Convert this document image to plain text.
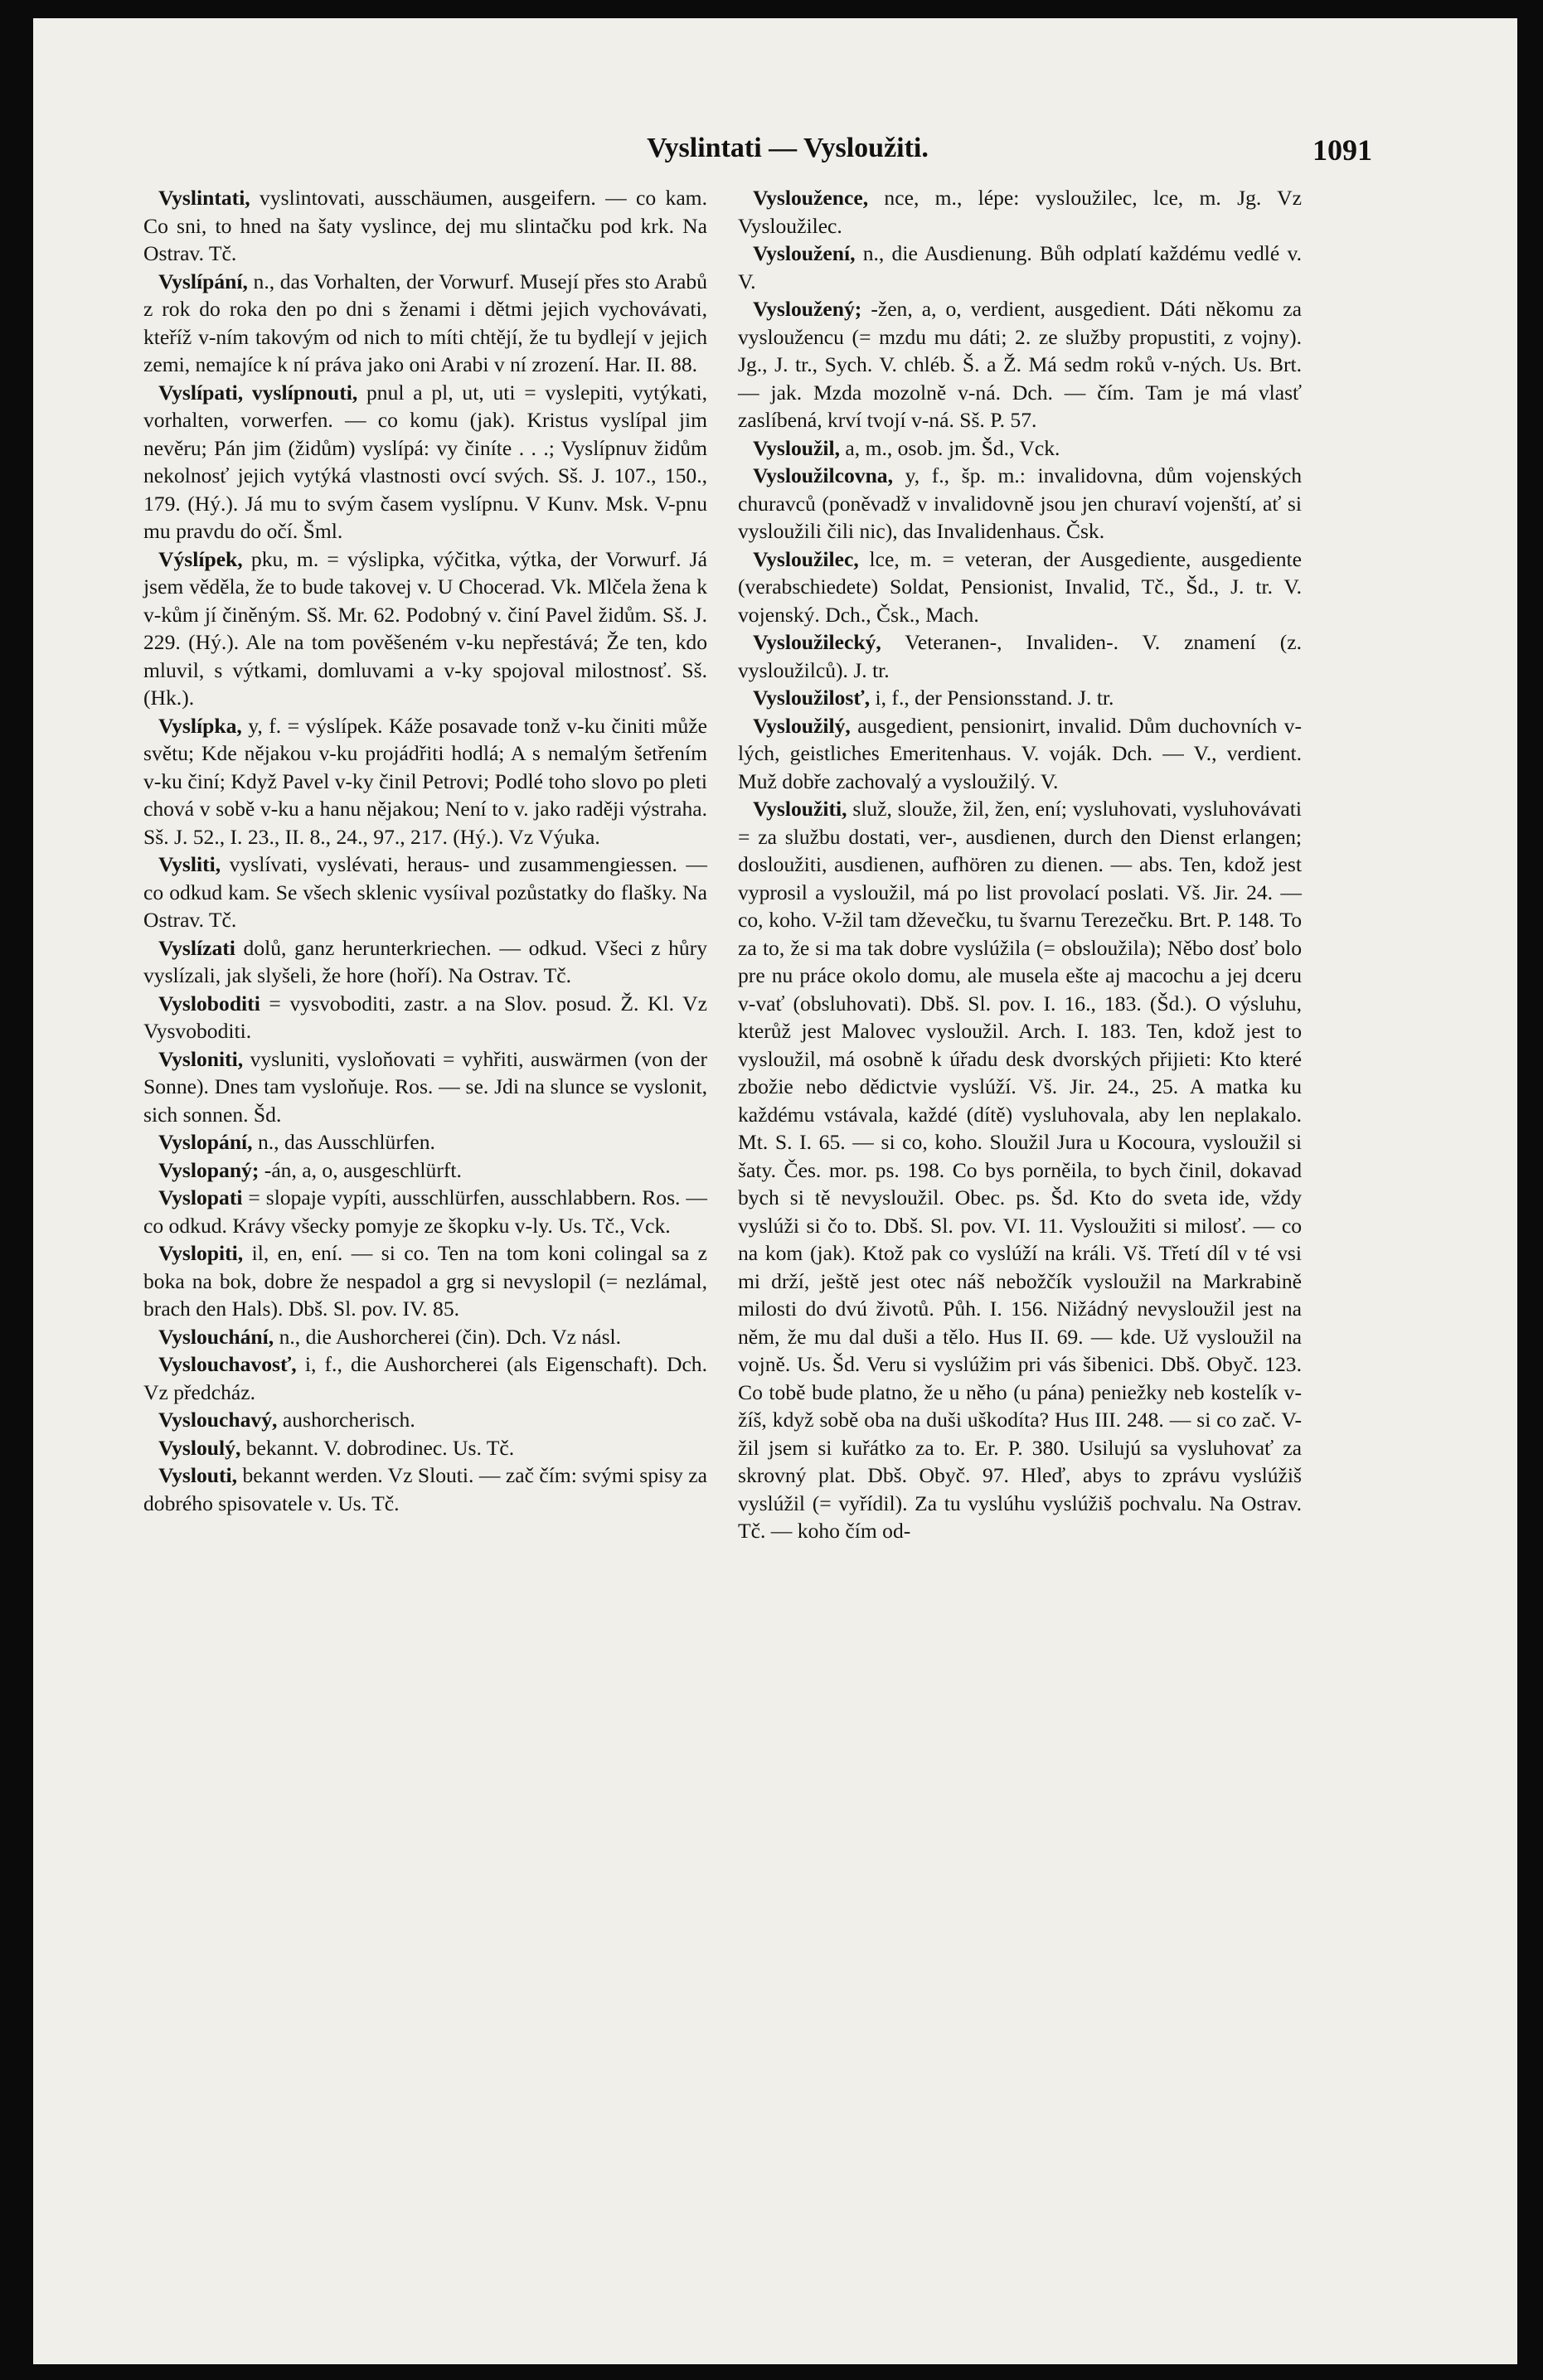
Vyslintati — Vysloužiti.	1091

Vyslintati, vyslintovati, ausschäumen, ausgeifern. — co kam. Co sni, to hned na šaty vyslince, dej mu slintačku pod krk. Na Ostrav. Tč.

Vyslípání, n., das Vorhalten, der Vorwurf. Musejí přes sto Arabů z rok do roka den po dni s ženami i dětmi jejich vychovávati, kteříž v-ním takovým od nich to míti chtějí, že tu bydlejí v jejich zemi, nemajíce k ní práva jako oni Arabi v ní zrození. Har. II. 88.

Vyslípati, vyslípnouti, pnul a pl, ut, uti = vyslepiti, vytýkati, vorhalten, vorwerfen. — co komu (jak). Kristus vyslípal jim nevěru; Pán jim (židům) vyslípá: vy činíte . . .; Vyslípnuv židům nekolnosť jejich vytýká vlastnosti ovcí svých. Sš. J. 107., 150., 179. (Hý.). Já mu to svým časem vyslípnu. V Kunv. Msk. V-pnu mu pravdu do očí. Šml.

Výslípek, pku, m. = výslipka, výčitka, výtka, der Vorwurf. Já jsem věděla, že to bude takovej v. U Chocerad. Vk. Mlčela žena k v-kům jí činěným. Sš. Mr. 62. Podobný v. činí Pavel židům. Sš. J. 229. (Hý.). Ale na tom pověšeném v-ku nepřestává; Že ten, kdo mluvil, s výtkami, domluvami a v-ky spojoval milostnosť. Sš. (Hk.).

Vyslípka, y, f. = výslípek. Káže posavade tonž v-ku činiti může světu; Kde nějakou v-ku projádřiti hodlá; A s nemalým šetřením v-ku činí; Když Pavel v-ky činil Petrovi; Podlé toho slovo po pleti chová v sobě v-ku a hanu nějakou; Není to v. jako raději výstraha. Sš. J. 52., I. 23., II. 8., 24., 97., 217. (Hý.). Vz Výuka.

Vysliti, vyslívati, vyslévati, heraus- und zusammengiessen. — co odkud kam. Se všech sklenic vysíival pozůstatky do flašky. Na Ostrav. Tč.

Vyslízati dolů, ganz herunterkriechen. — odkud. Všeci z hůry vyslízali, jak slyšeli, že hore (hoří). Na Ostrav. Tč.

Vysloboditi = vysvoboditi, zastr. a na Slov. posud. Ž. Kl. Vz Vysvoboditi.

Vysloniti, vysluniti, vysloňovati = vyhřiti, auswärmen (von der Sonne). Dnes tam vysloňuje. Ros. — se. Jdi na slunce se vyslonit, sich sonnen. Šd.

Vyslopání, n., das Ausschlürfen.

Vyslopaný; -án, a, o, ausgeschlürft.

Vyslopati = slopaje vypíti, ausschlürfen, ausschlabbern. Ros. — co odkud. Krávy všecky pomyje ze škopku v-ly. Us. Tč., Vck.

Vyslopiti, il, en, ení. — si co. Ten na tom koni colingal sa z boka na bok, dobre že nespadol a grg si nevyslopil (= nezlámal, brach den Hals). Dbš. Sl. pov. IV. 85.

Vyslouchání, n., die Aushorcherei (čin). Dch. Vz násl.

Vyslouchavosť, i, f., die Aushorcherei (als Eigenschaft). Dch. Vz předcház.

Vyslouchavý, aushorcherisch.

Vysloulý, bekannt. V. dobrodinec. Us. Tč.

Vyslouti, bekannt werden. Vz Slouti. — zač čím: svými spisy za dobrého spisovatele v. Us. Tč.

Vysloužence, nce, m., lépe: vysloužilec, lce, m. Jg. Vz Vysloužilec.

Vysloužení, n., die Ausdienung. Bůh odplatí každému vedlé v. V.

Vysloužený; -žen, a, o, verdient, ausgedient. Dáti někomu za vysloužencu (= mzdu mu dáti; 2. ze služby propustiti, z vojny). Jg., J. tr., Sych. V. chléb. Š. a Ž. Má sedm roků v-ných. Us. Brt. — jak. Mzda mozolně v-ná. Dch. — čím. Tam je má vlasť zaslíbená, krví tvojí v-ná. Sš. P. 57.

Vysloužil, a, m., osob. jm. Šd., Vck.

Vysloužilcovna, y, f., šp. m.: invalidovna, dům vojenských churavců (poněvadž v invalidovně jsou jen churaví vojenští, ať si vysloužili čili nic), das Invalidenhaus. Čsk.

Vysloužilec, lce, m. = veteran, der Ausgediente, ausgediente (verabschiedete) Soldat, Pensionist, Invalid, Tč., Šd., J. tr. V. vojenský. Dch., Čsk., Mach.

Vysloužilecký, Veteranen-, Invaliden-. V. znamení (z. vysloužilců). J. tr.

Vysloužilosť, i, f., der Pensionsstand. J. tr.

Vysloužilý, ausgedient, pensionirt, invalid. Dům duchovních v-lých, geistliches Emeritenhaus. V. voják. Dch. — V., verdient. Muž dobře zachovalý a vysloužilý. V.

Vysloužiti, služ, slouže, žil, žen, ení; vysluhovati, vysluhovávati = za službu dostati, ver-, ausdienen, durch den Dienst erlangen; dosloužiti, ausdienen, aufhören zu dienen. — abs. Ten, kdož jest vyprosil a vysloužil, má po list provolací poslati. Vš. Jir. 24. — co, koho. V-žil tam dževečku, tu švarnu Terezečku. Brt. P. 148. To za to, že si ma tak dobre vyslúžila (= obsloužila); Něbo dosť bolo pre nu práce okolo domu, ale musela ešte aj macochu a jej dceru v-vať (obsluhovati). Dbš. Sl. pov. I. 16., 183. (Šd.). O výsluhu, kterůž jest Malovec vysloužil. Arch. I. 183. Ten, kdož jest to vysloužil, má osobně k úřadu desk dvorských přijieti: Kto které zbožie nebo dědictvie vyslúží. Vš. Jir. 24., 25. A matka ku každému vstávala, každé (dítě) vysluhovala, aby len neplakalo. Mt. S. I. 65. — si co, koho. Sloužil Jura u Kocoura, vysloužil si šaty. Čes. mor. ps. 198. Co bys porněila, to bych činil, dokavad bych si tě nevysloužil. Obec. ps. Šd. Kto do sveta ide, vždy vyslúži si čo to. Dbš. Sl. pov. VI. 11. Vysloužiti si milosť. — co na kom (jak). Ktož pak co vyslúží na králi. Vš. Třetí díl v té vsi mi drží, ještě jest otec náš nebožčík vysloužil na Markrabině milosti do dvú životů. Půh. I. 156. Nižádný nevysloužil jest na něm, že mu dal duši a tělo. Hus II. 69. — kde. Už vysloužil na vojně. Us. Šd. Veru si vyslúžim pri vás šibenici. Dbš. Obyč. 123. Co tobě bude platno, že u něho (u pána) peniežky neb kostelík v-žíš, když sobě oba na duši uškodíta? Hus III. 248. — si co zač. V-žil jsem si kuřátko za to. Er. P. 380. Usilujú sa vysluhovať za skrovný plat. Dbš. Obyč. 97. Hleď, abys to zprávu vyslúžiš vyslúžil (= vyřídil). Za tu vyslúhu vyslúžiš pochvalu. Na Ostrav. Tč. — koho čím od-
